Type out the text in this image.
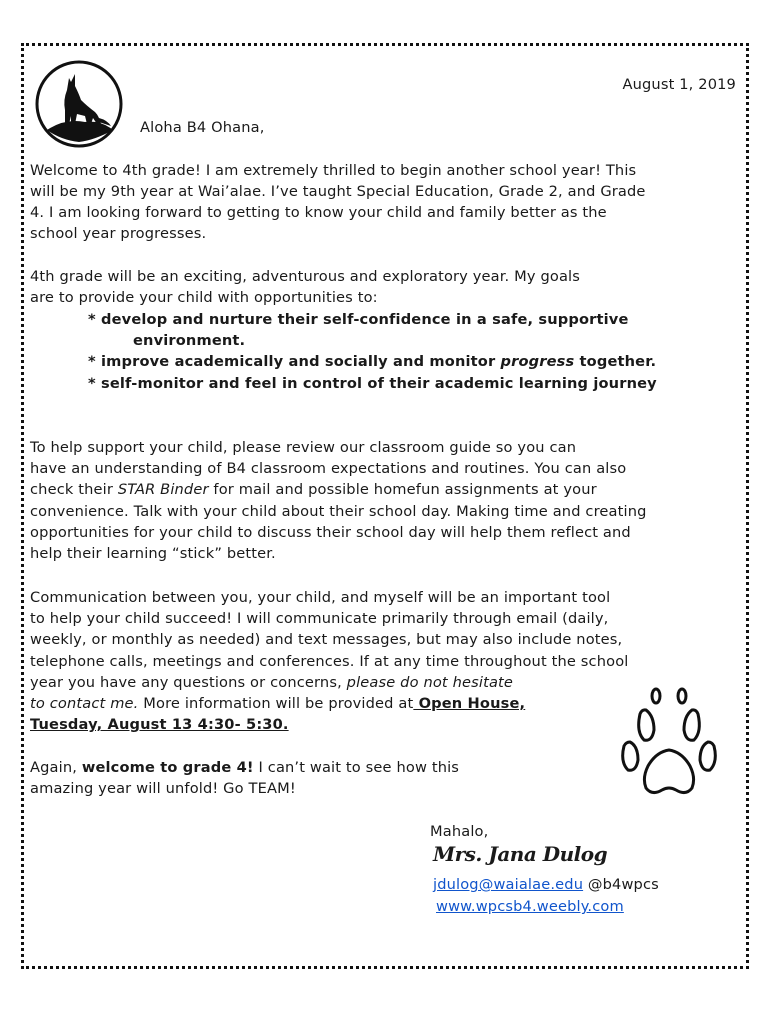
August 1, 2019
Aloha B4 Ohana,
Welcome to 4th grade! I am extremely thrilled to begin another school year! This
will be my 9th year at Wai’alae. I’ve taught Special Education, Grade 2, and Grade
4. I am looking forward to getting to know your child and family better as the
school year progresses.
4th grade will be an exciting, adventurous and exploratory year. My goals
are to provide your child with opportunities to:
* develop and nurture their self-confidence in a safe, supportive
environment.
* improve academically and socially and monitor progress together.
* self-monitor and feel in control of their academic learning journey
To help support your child, please review our classroom guide so you can
have an understanding of B4 classroom expectations and routines. You can also
check their STAR Binder for mail and possible homefun assignments at your
convenience. Talk with your child about their school day. Making time and creating
opportunities for your child to discuss their school day will help them reflect and
help their learning “stick” better.
Communication between you, your child, and myself will be an important tool
to help your child succeed! I will communicate primarily through email (daily,
weekly, or monthly as needed) and text messages, but may also include notes,
telephone calls, meetings and conferences. If at any time throughout the school
year you have any questions or concerns, please do not hesitate
to contact me. More information will be provided at Open House,
Tuesday, August 13 4:30- 5:30.
Again, welcome to grade 4! I can’t wait to see how this
amazing year will unfold! Go TEAM!
Mahalo,
Mrs. Jana Dulog
jdulog@waialae.edu @b4wpcs
www.wpcsb4.weebly.com
